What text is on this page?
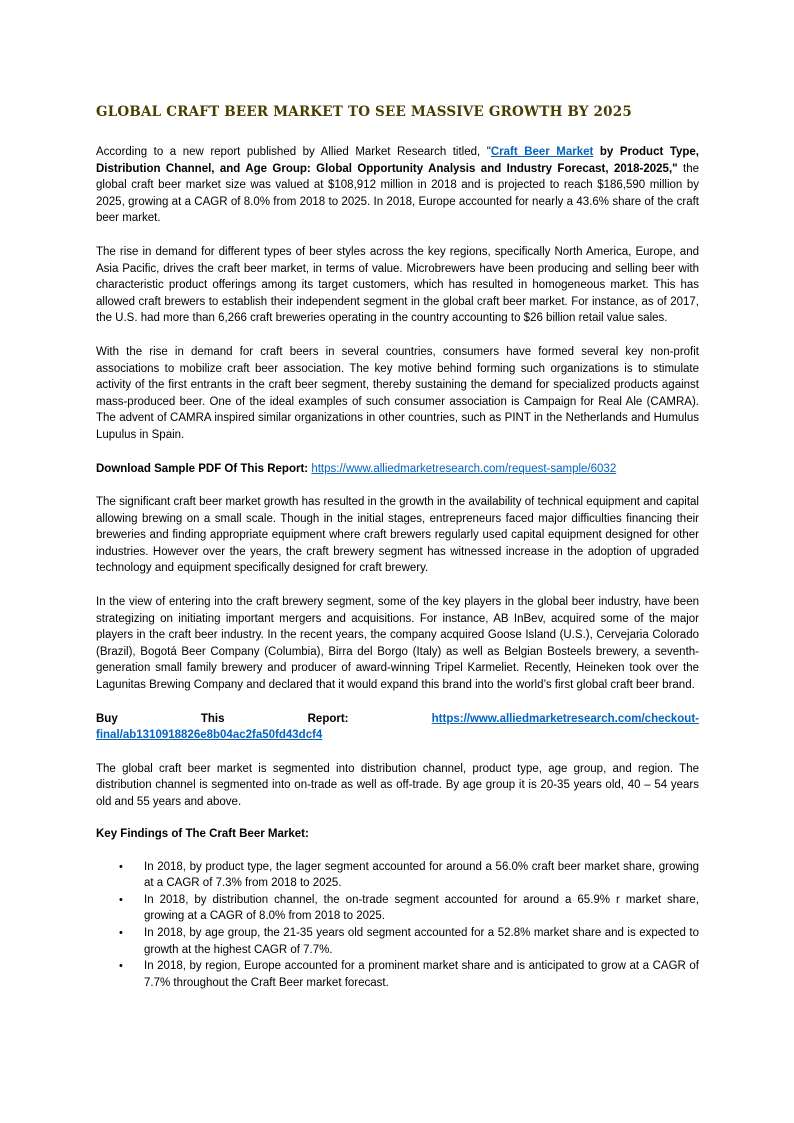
GLOBAL CRAFT BEER MARKET TO SEE MASSIVE GROWTH BY 2025

According to a new report published by Allied Market Research titled, "Craft Beer Market by Product Type, Distribution Channel, and Age Group: Global Opportunity Analysis and Industry Forecast, 2018-2025," the global craft beer market size was valued at $108,912 million in 2018 and is projected to reach $186,590 million by 2025, growing at a CAGR of 8.0% from 2018 to 2025. In 2018, Europe accounted for nearly a 43.6% share of the craft beer market.

The rise in demand for different types of beer styles across the key regions, specifically North America, Europe, and Asia Pacific, drives the craft beer market, in terms of value. Microbrewers have been producing and selling beer with characteristic product offerings among its target customers, which has resulted in homogeneous market. This has allowed craft brewers to establish their independent segment in the global craft beer market. For instance, as of 2017, the U.S. had more than 6,266 craft breweries operating in the country accounting to $26 billion retail value sales.

With the rise in demand for craft beers in several countries, consumers have formed several key non-profit associations to mobilize craft beer association. The key motive behind forming such organizations is to stimulate activity of the first entrants in the craft beer segment, thereby sustaining the demand for specialized products against mass-produced beer. One of the ideal examples of such consumer association is Campaign for Real Ale (CAMRA). The advent of CAMRA inspired similar organizations in other countries, such as PINT in the Netherlands and Humulus Lupulus in Spain.

Download Sample PDF Of This Report: https://www.alliedmarketresearch.com/request-sample/6032

The significant craft beer market growth has resulted in the growth in the availability of technical equipment and capital allowing brewing on a small scale. Though in the initial stages, entrepreneurs faced major difficulties financing their breweries and finding appropriate equipment where craft brewers regularly used capital equipment designed for other industries. However over the years, the craft brewery segment has witnessed increase in the adoption of upgraded technology and equipment specifically designed for craft brewery.

In the view of entering into the craft brewery segment, some of the key players in the global beer industry, have been strategizing on initiating important mergers and acquisitions. For instance, AB InBev, acquired some of the major players in the craft beer industry. In the recent years, the company acquired Goose Island (U.S.), Cervejaria Colorado (Brazil), Bogotá Beer Company (Columbia), Birra del Borgo (Italy) as well as Belgian Bosteels brewery, a seventh-generation small family brewery and producer of award-winning Tripel Karmeliet. Recently, Heineken took over the Lagunitas Brewing Company and declared that it would expand this brand into the world’s first global craft beer brand.

Buy	This	Report:	https://www.alliedmarketresearch.com/checkout-
final/ab1310918826e8b04ac2fa50fd43dcf4

The global craft beer market is segmented into distribution channel, product type, age group, and region. The distribution channel is segmented into on-trade as well as off-trade. By age group it is 20-35 years old, 40 – 54 years old and 55 years and above.

Key Findings of The Craft Beer Market:
• In 2018, by product type, the lager segment accounted for around a 56.0% craft beer market share, growing at a CAGR of 7.3% from 2018 to 2025.
• In 2018, by distribution channel, the on-trade segment accounted for around a 65.9% r market share, growing at a CAGR of 8.0% from 2018 to 2025.
• In 2018, by age group, the 21-35 years old segment accounted for a 52.8% market share and is expected to growth at the highest CAGR of 7.7%.
• In 2018, by region, Europe accounted for a prominent market share and is anticipated to grow at a CAGR of 7.7% throughout the Craft Beer market forecast.
